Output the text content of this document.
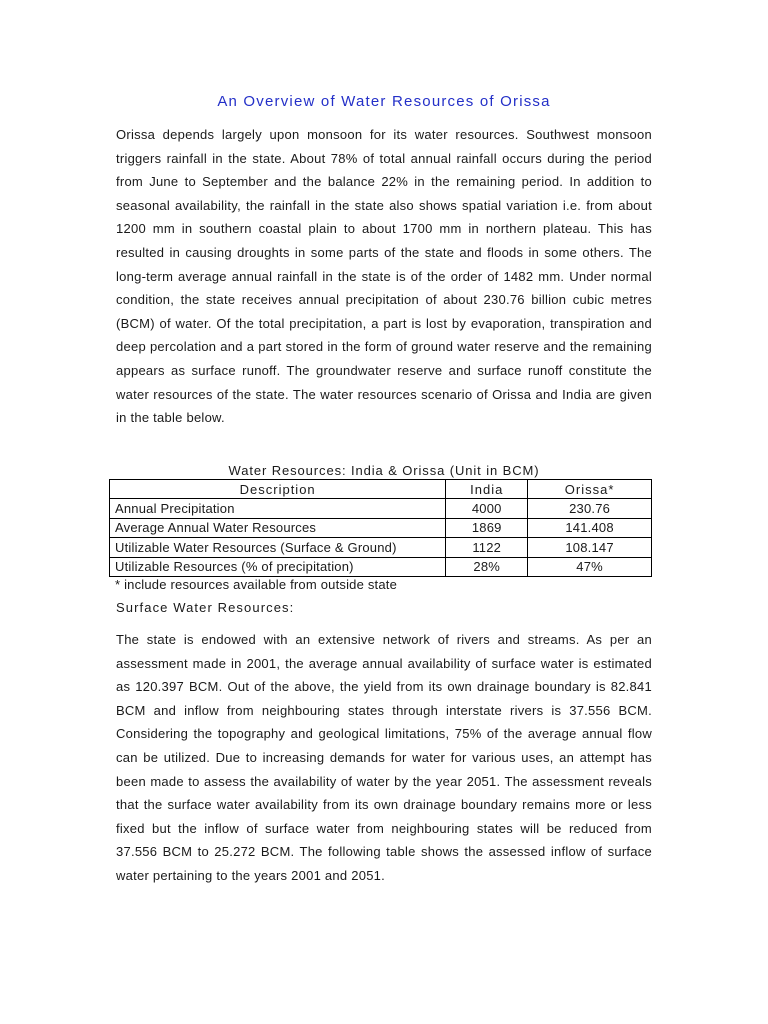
An Overview of Water Resources of Orissa

Orissa depends largely upon monsoon for its water resources. Southwest monsoon triggers rainfall in the state. About 78% of total annual rainfall occurs during the period from June to September and the balance 22% in the remaining period. In addition to seasonal availability, the rainfall in the state also shows spatial variation i.e. from about 1200 mm in southern coastal plain to about 1700 mm in northern plateau. This has resulted in causing droughts in some parts of the state and floods in some others. The long-term average annual rainfall in the state is of the order of 1482 mm. Under normal condition, the state receives annual precipitation of about 230.76 billion cubic metres (BCM) of water. Of the total precipitation, a part is lost by evaporation, transpiration and deep percolation and a part stored in the form of ground water reserve and the remaining appears as surface runoff. The groundwater reserve and surface runoff constitute the water resources of the state. The water resources scenario of Orissa and India are given in the table below.

Water Resources: India & Orissa (Unit in BCM)

Description	India	Orissa*
Annual Precipitation	4000	230.76
Average Annual Water Resources	1869	141.408
Utilizable Water Resources (Surface & Ground)	1122	108.147
Utilizable Resources (% of precipitation)	28%	47%

* include resources available from outside state

Surface Water Resources:

The state is endowed with an extensive network of rivers and streams. As per an assessment made in 2001, the average annual availability of surface water is estimated as 120.397 BCM. Out of the above, the yield from its own drainage boundary is 82.841 BCM and inflow from neighbouring states through interstate rivers is 37.556 BCM. Considering the topography and geological limitations, 75% of the average annual flow can be utilized. Due to increasing demands for water for various uses, an attempt has been made to assess the availability of water by the year 2051. The assessment reveals that the surface water availability from its own drainage boundary remains more or less fixed but the inflow of surface water from neighbouring states will be reduced from 37.556 BCM to 25.272 BCM. The following table shows the assessed inflow of surface water pertaining to the years 2001 and 2051.
